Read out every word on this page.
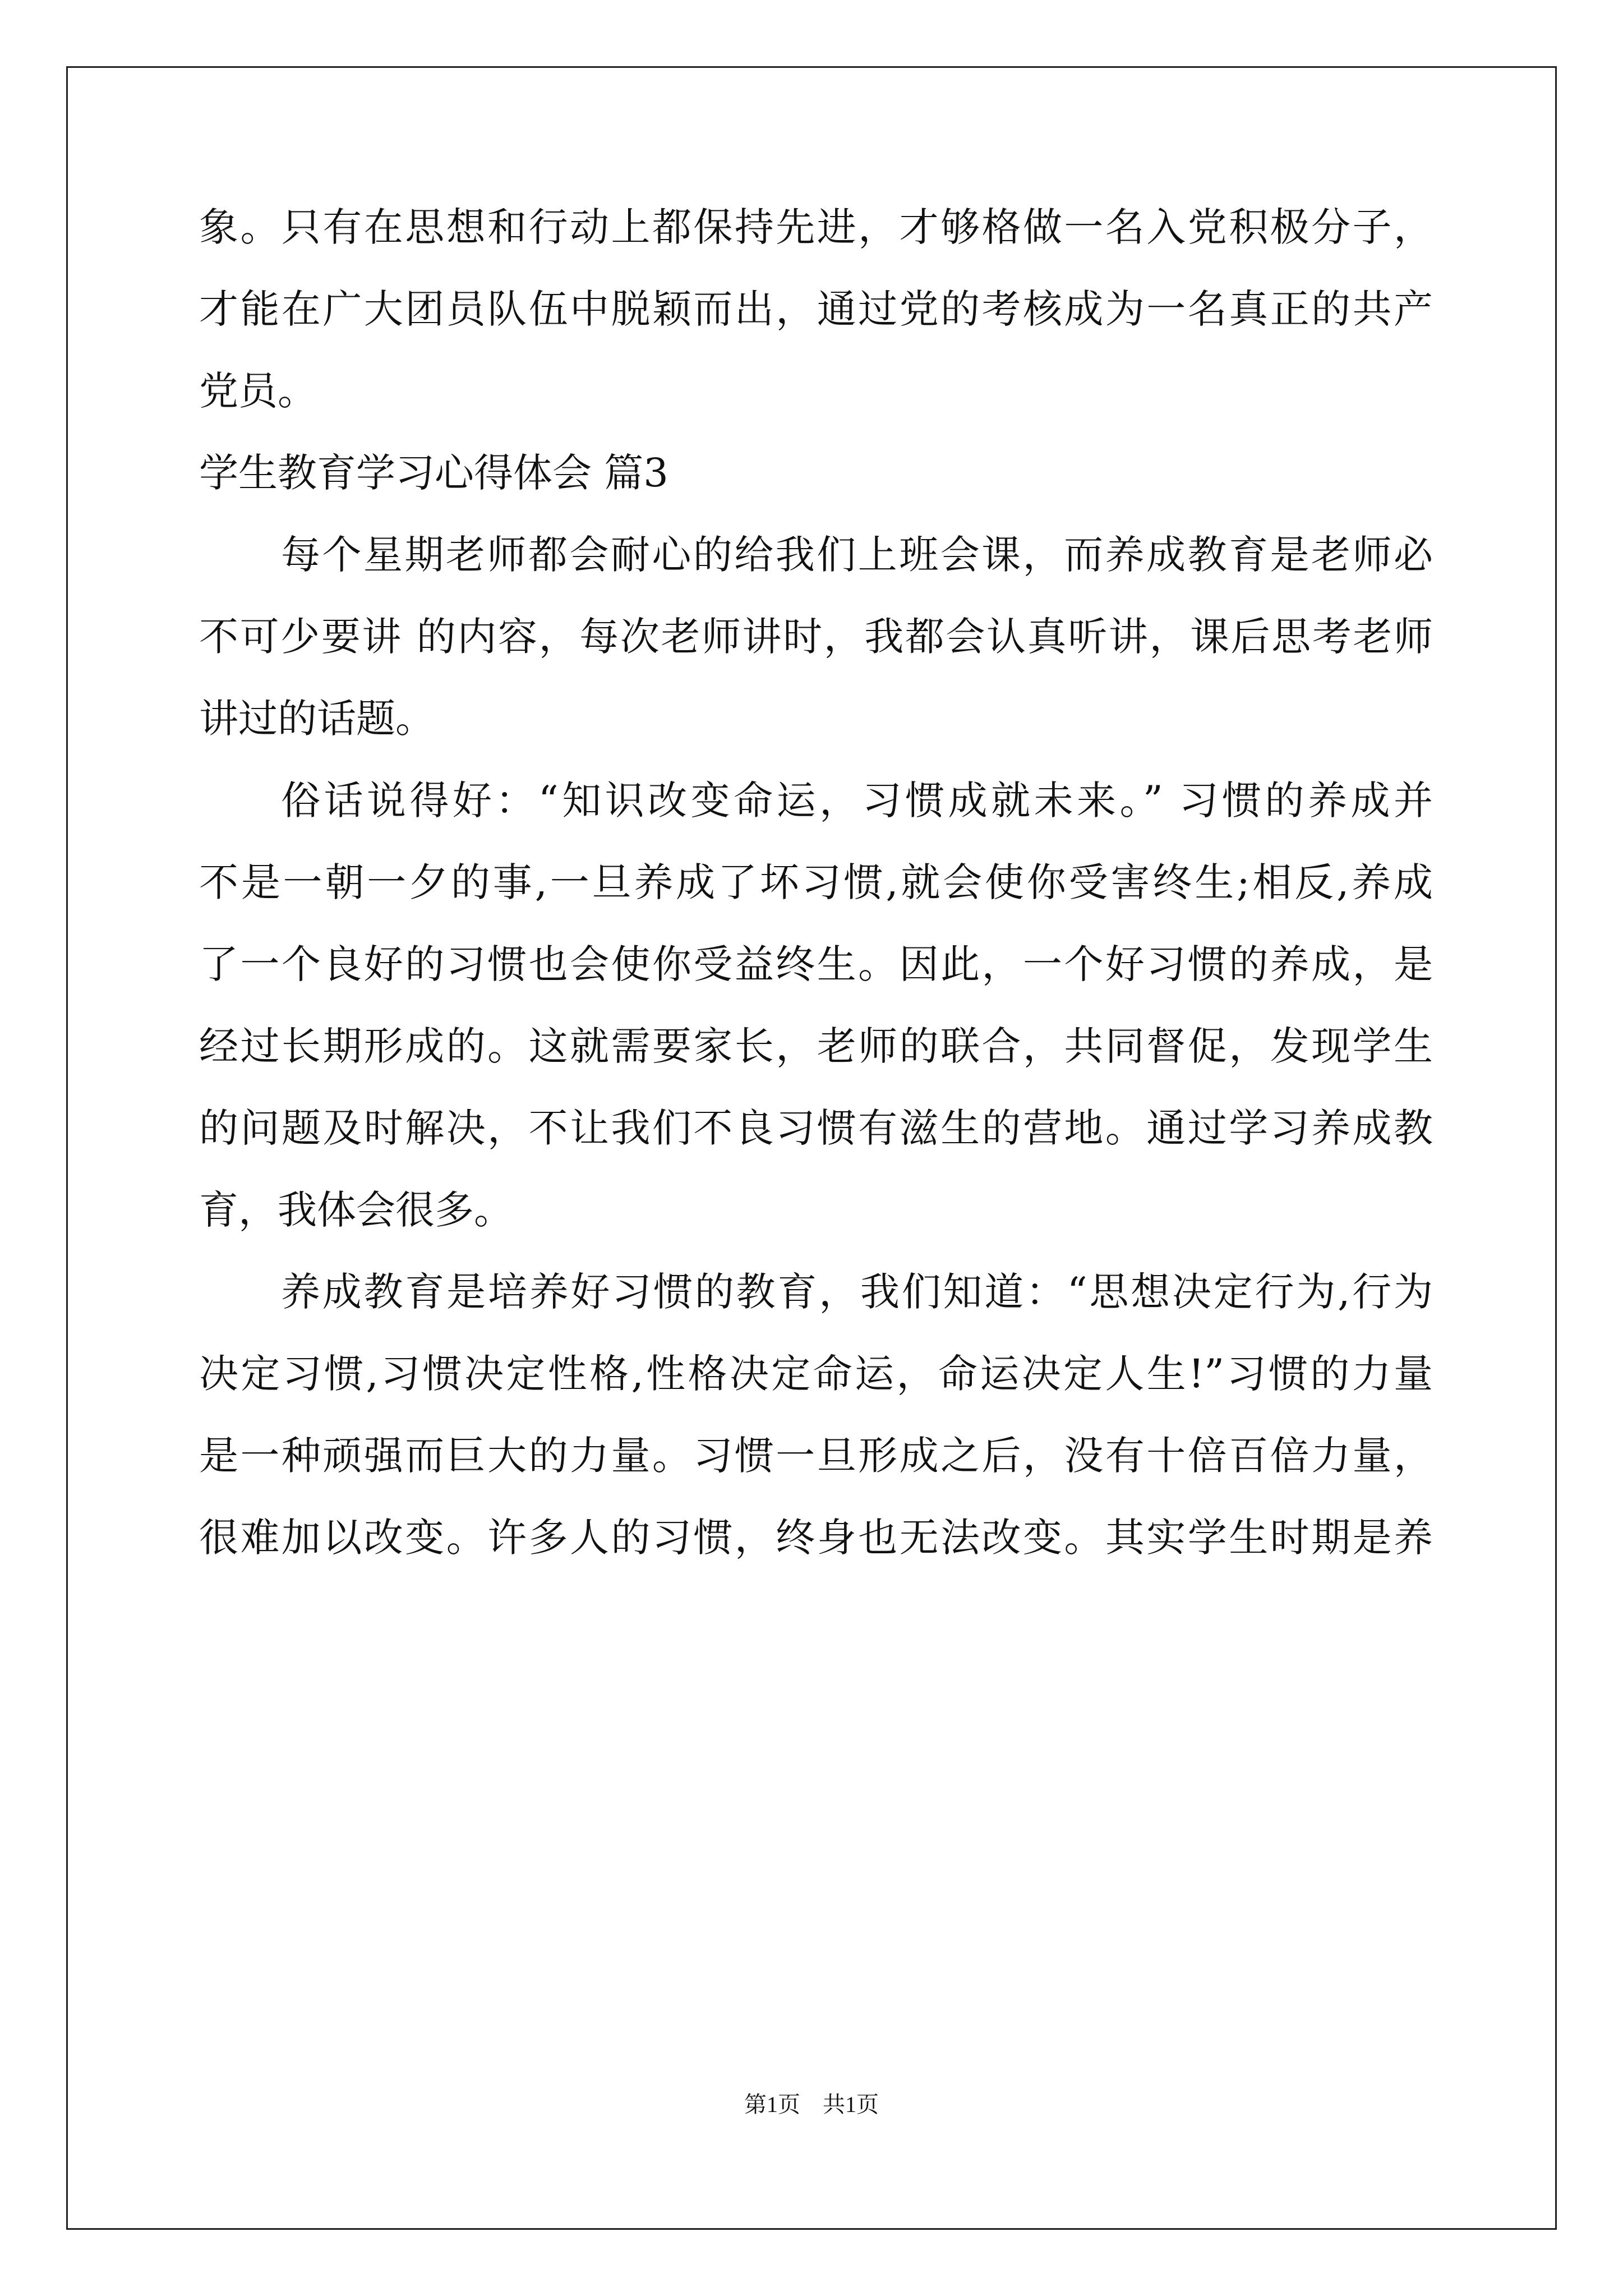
象。只有在思想和行动上都保持先进，才够格做一名入党积极分子，
才能在广大团员队伍中脱颖而出，通过党的考核成为一名真正的共产
党员。
学生教育学习心得体会 篇3
每个星期老师都会耐心的给我们上班会课，而养成教育是老师必
不可少要讲 的内容，每次老师讲时，我都会认真听讲，课后思考老师
讲过的话题。
俗话说得好：“知识改变命运，习惯成就未来。” 习惯的养成并
不是一朝一夕的事,一旦养成了坏习惯,就会使你受害终生;相反,养成
了一个良好的习惯也会使你受益终生。因此，一个好习惯的养成，是
经过长期形成的。这就需要家长，老师的联合，共同督促，发现学生
的问题及时解决，不让我们不良习惯有滋生的营地。通过学习养成教
育，我体会很多。
养成教育是培养好习惯的教育，我们知道：“思想决定行为,行为
决定习惯,习惯决定性格,性格决定命运，命运决定人生!”习惯的力量
是一种顽强而巨大的力量。习惯一旦形成之后，没有十倍百倍力量，
很难加以改变。许多人的习惯，终身也无法改变。其实学生时期是养
第1页　共1页
